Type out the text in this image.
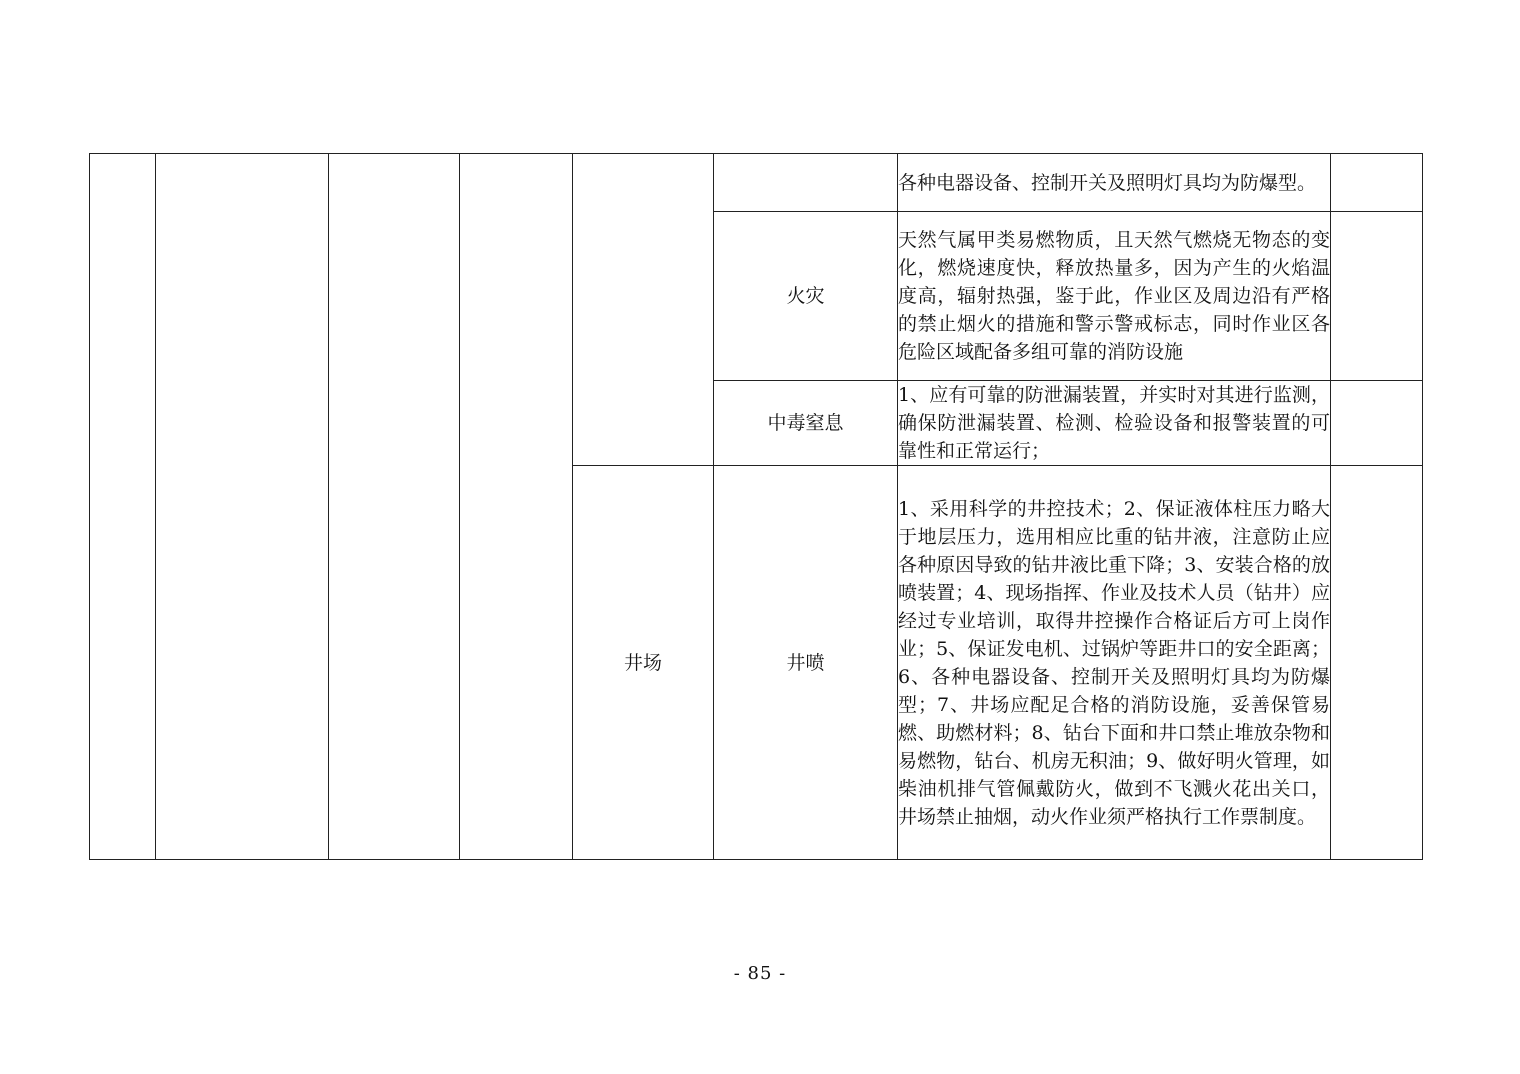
						各种电器设备、控制开关及照明灯具均为防爆型。	
					火灾	天然气属甲类易燃物质，且天然气燃烧无物态的变化，燃烧速度快，释放热量多，因为产生的火焰温度高，辐射热强，鉴于此，作业区及周边沿有严格的禁止烟火的措施和警示警戒标志，同时作业区各危险区域配备多组可靠的消防设施	
					中毒窒息	1、应有可靠的防泄漏装置，并实时对其进行监测，确保防泄漏装置、检测、检验设备和报警装置的可靠性和正常运行；	
				井场	井喷	1、采用科学的井控技术；2、保证液体柱压力略大于地层压力，选用相应比重的钻井液，注意防止应各种原因导致的钻井液比重下降；3、安装合格的放喷装置；4、现场指挥、作业及技术人员（钻井）应经过专业培训，取得井控操作合格证后方可上岗作业；5、保证发电机、过锅炉等距井口的安全距离；6、各种电器设备、控制开关及照明灯具均为防爆型；7、井场应配足合格的消防设施，妥善保管易燃、助燃材料；8、钻台下面和井口禁止堆放杂物和易燃物，钻台、机房无积油；9、做好明火管理，如柴油机排气管佩戴防火，做到不飞溅火花出关口，井场禁止抽烟，动火作业须严格执行工作票制度。	
- 85 -
